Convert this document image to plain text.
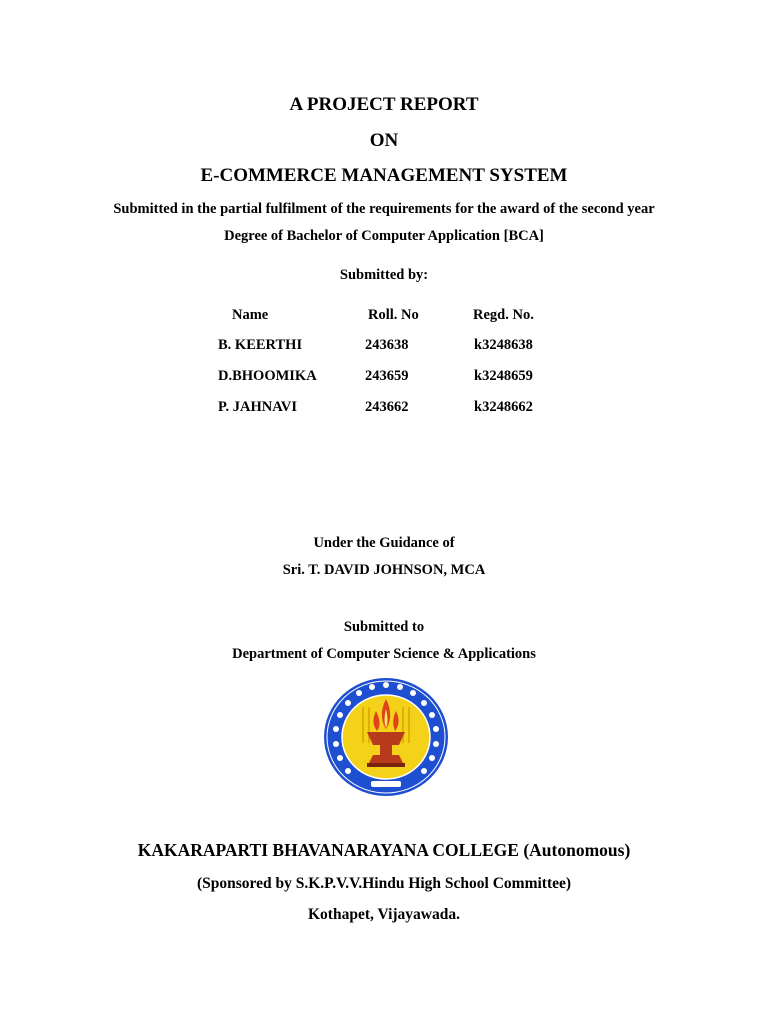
A PROJECT REPORT
ON
E-COMMERCE MANAGEMENT SYSTEM
Submitted in the partial fulfilment of the requirements for the award of the second year
Degree of Bachelor of Computer Application [BCA]
Submitted by:
Name	Roll. No	Regd. No.
B. KEERTHI	243638	k3248638
D.BHOOMIKA	243659	k3248659
P. JAHNAVI	243662	k3248662
Under the Guidance of
Sri. T. DAVID JOHNSON, MCA
Submitted to
Department of Computer Science & Applications
KAKARAPARTI BHAVANARAYANA COLLEGE (Autonomous)
(Sponsored by S.K.P.V.V.Hindu High School Committee)
Kothapet, Vijayawada.
